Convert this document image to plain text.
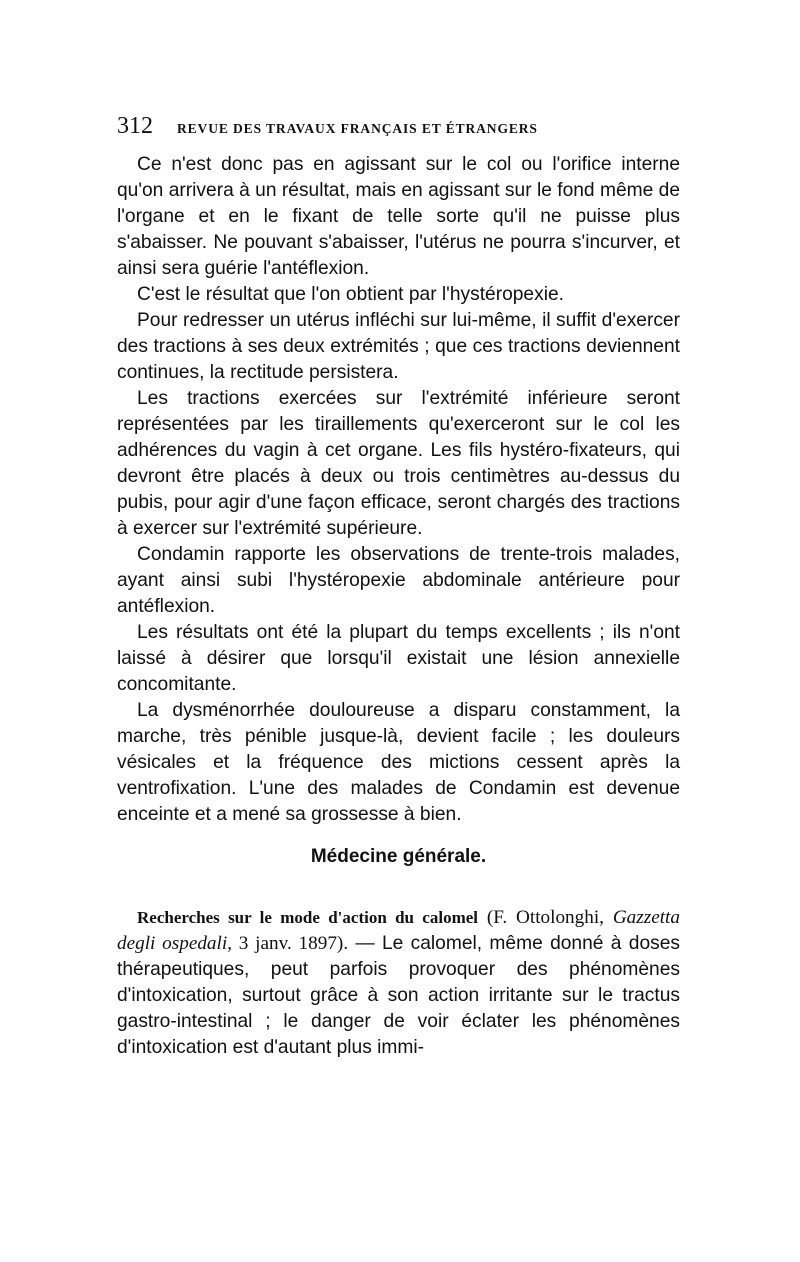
312 REVUE DES TRAVAUX FRANÇAIS ET ÉTRANGERS

Ce n'est donc pas en agissant sur le col ou l'orifice interne qu'on arrivera à un résultat, mais en agissant sur le fond même de l'organe et en le fixant de telle sorte qu'il ne puisse plus s'abaisser. Ne pouvant s'abaisser, l'utérus ne pourra s'incurver, et ainsi sera guérie l'antéflexion.

C'est le résultat que l'on obtient par l'hystéropexie.

Pour redresser un utérus infléchi sur lui-même, il suffit d'exercer des tractions à ses deux extrémités ; que ces tractions deviennent continues, la rectitude persistera.

Les tractions exercées sur l'extrémité inférieure seront représentées par les tiraillements qu'exerceront sur le col les adhérences du vagin à cet organe. Les fils hystéro-fixateurs, qui devront être placés à deux ou trois centimètres au-dessus du pubis, pour agir d'une façon efficace, seront chargés des tractions à exercer sur l'extrémité supérieure.

Condamin rapporte les observations de trente-trois malades, ayant ainsi subi l'hystéropexie abdominale antérieure pour antéflexion.

Les résultats ont été la plupart du temps excellents ; ils n'ont laissé à désirer que lorsqu'il existait une lésion annexielle concomitante.

La dysménorrhée douloureuse a disparu constamment, la marche, très pénible jusque-là, devient facile ; les douleurs vésicales et la fréquence des mictions cessent après la ventrofixation. L'une des malades de Condamin est devenue enceinte et a mené sa grossesse à bien.

Médecine générale.

Recherches sur le mode d'action du calomel (F. Ottolonghi, Gazzetta degli ospedali, 3 janv. 1897). — Le calomel, même donné à doses thérapeutiques, peut parfois provoquer des phénomènes d'intoxication, surtout grâce à son action irritante sur le tractus gastro-intestinal ; le danger de voir éclater les phénomènes d'intoxication est d'autant plus immi-
